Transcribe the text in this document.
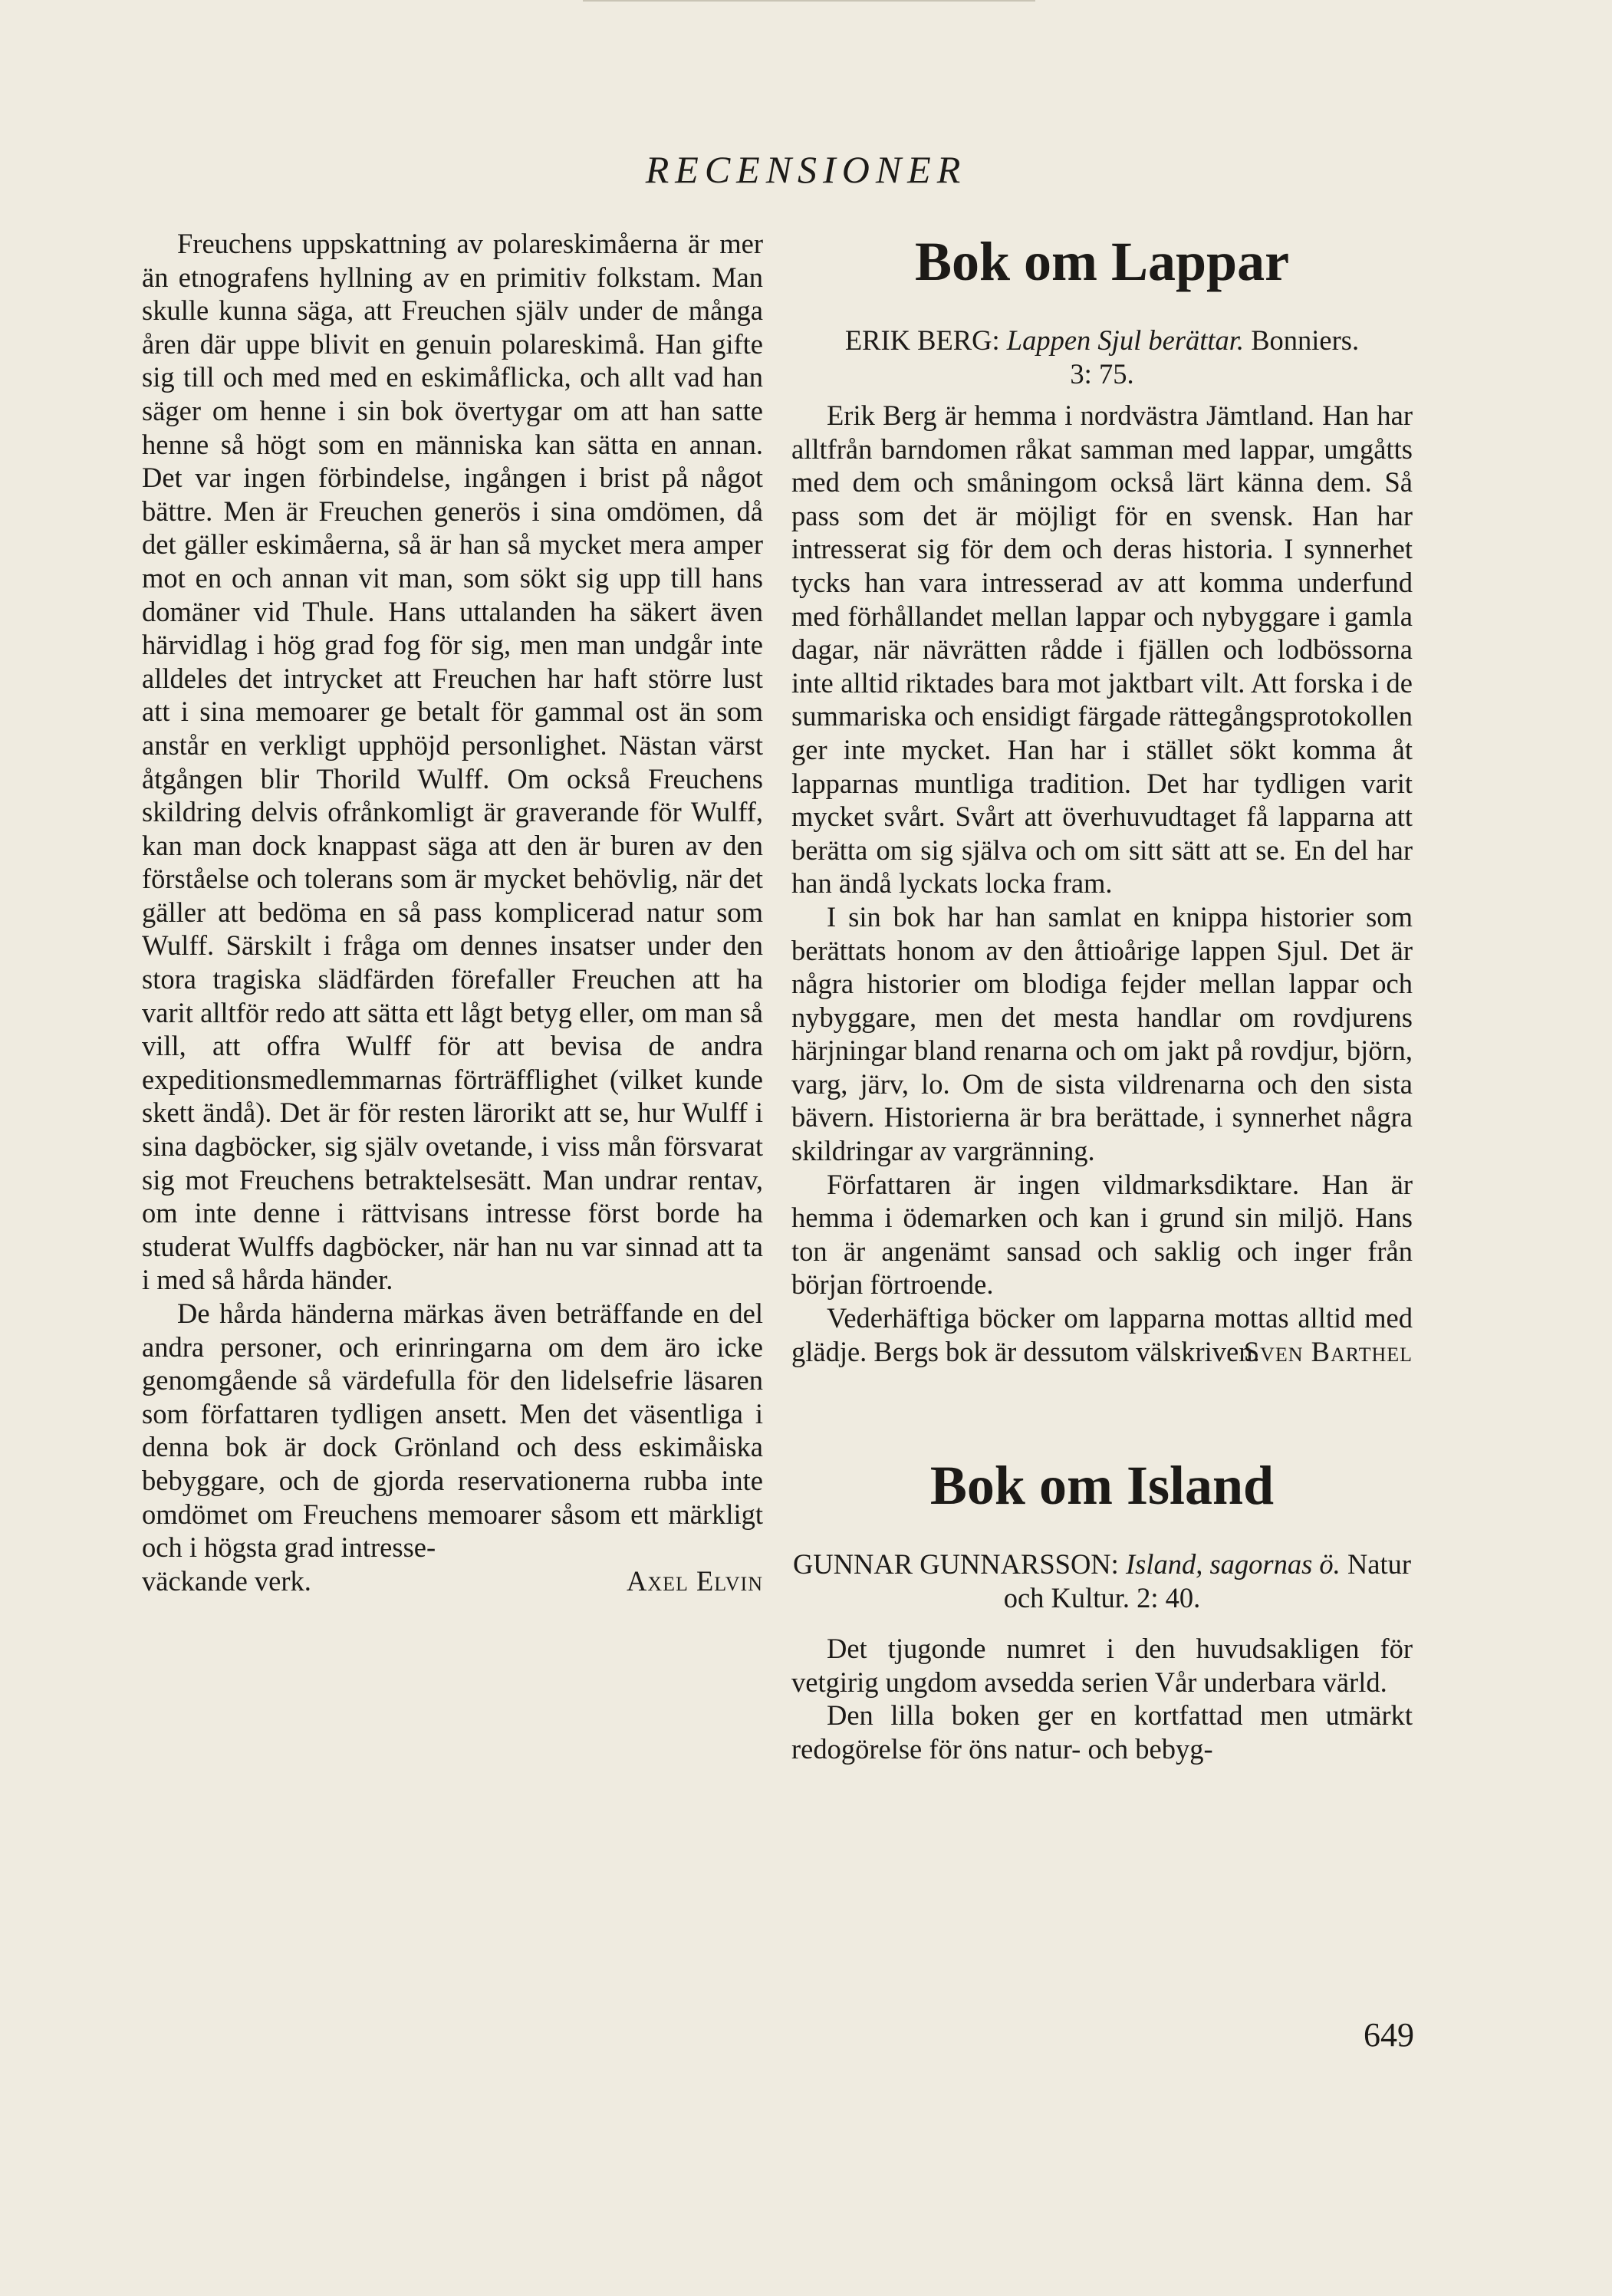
RECENSIONER

Freuchens uppskattning av polareskimåerna är mer än etnografens hyllning av en primitiv folkstam. Man skulle kunna säga, att Freuchen själv under de många åren där uppe blivit en genuin polareskimå. Han gifte sig till och med med en eskimåflicka, och allt vad han säger om henne i sin bok övertygar om att han satte henne så högt som en människa kan sätta en annan. Det var ingen förbindelse, ingången i brist på något bättre. Men är Freuchen generös i sina omdömen, då det gäller eskimåerna, så är han så mycket mera amper mot en och annan vit man, som sökt sig upp till hans domäner vid Thule. Hans uttalanden ha säkert även härvidlag i hög grad fog för sig, men man undgår inte alldeles det intrycket att Freuchen har haft större lust att i sina memoarer ge betalt för gammal ost än som anstår en verkligt upphöjd personlighet. Nästan värst åtgången blir Thorild Wulff. Om också Freuchens skildring delvis ofrånkomligt är graverande för Wulff, kan man dock knappast säga att den är buren av den förståelse och tolerans som är mycket behövlig, när det gäller att bedöma en så pass komplicerad natur som Wulff. Särskilt i fråga om dennes insatser under den stora tragiska slädfärden förefaller Freuchen att ha varit alltför redo att sätta ett lågt betyg eller, om man så vill, att offra Wulff för att bevisa de andra expeditionsmedlemmarnas förträfflighet (vilket kunde skett ändå). Det är för resten lärorikt att se, hur Wulff i sina dagböcker, sig själv ovetande, i viss mån försvarat sig mot Freuchens betraktelsesätt. Man undrar rentav, om inte denne i rättvisans intresse först borde ha studerat Wulffs dagböcker, när han nu var sinnad att ta i med så hårda händer.

De hårda händerna märkas även beträffande en del andra personer, och erinringarna om dem äro icke genomgående så värdefulla för den lidelsefrie läsaren som författaren tydligen ansett. Men det väsentliga i denna bok är dock Grönland och dess eskimåiska bebyggare, och de gjorda reservationerna rubba inte omdömet om Freuchens memoarer såsom ett märkligt och i högsta grad intresse-

väckande verk.	Axel Elvin
Bok om Lappar

ERIK BERG: Lappen Sjul berättar. Bonniers.
3: 75.

Erik Berg är hemma i nordvästra Jämtland. Han har alltfrån barndomen råkat samman med lappar, umgåtts med dem och småningom också lärt känna dem. Så pass som det är möjligt för en svensk. Han har intresserat sig för dem och deras historia. I synnerhet tycks han vara intresserad av att komma underfund med förhållandet mellan lappar och nybyggare i gamla dagar, när nävrätten rådde i fjällen och lodbössorna inte alltid riktades bara mot jaktbart vilt. Att forska i de summariska och ensidigt färgade rättegångsprotokollen ger inte mycket. Han har i stället sökt komma åt lapparnas muntliga tradition. Det har tydligen varit mycket svårt. Svårt att överhuvudtaget få lapparna att berätta om sig själva och om sitt sätt att se. En del har han ändå lyckats locka fram.

I sin bok har han samlat en knippa historier som berättats honom av den åttioårige lappen Sjul. Det är några historier om blodiga fejder mellan lappar och nybyggare, men det mesta handlar om rovdjurens härjningar bland renarna och om jakt på rovdjur, björn, varg, järv, lo. Om de sista vildrenarna och den sista bävern. Historierna är bra berättade, i synnerhet några skildringar av vargränning.

Författaren är ingen vildmarksdiktare. Han är hemma i ödemarken och kan i grund sin miljö. Hans ton är angenämt sansad och saklig och inger från början förtroende.

Vederhäftiga böcker om lapparna mottas alltid med glädje. Bergs bok är dessutom välskriven.

Sven Barthel
Bok om Island

GUNNAR GUNNARSSON: Island, sagornas ö. Natur och Kultur. 2: 40.

Det tjugonde numret i den huvudsakligen för vetgirig ungdom avsedda serien Vår underbara värld.

Den lilla boken ger en kortfattad men utmärkt redogörelse för öns natur- och bebyg-

649
